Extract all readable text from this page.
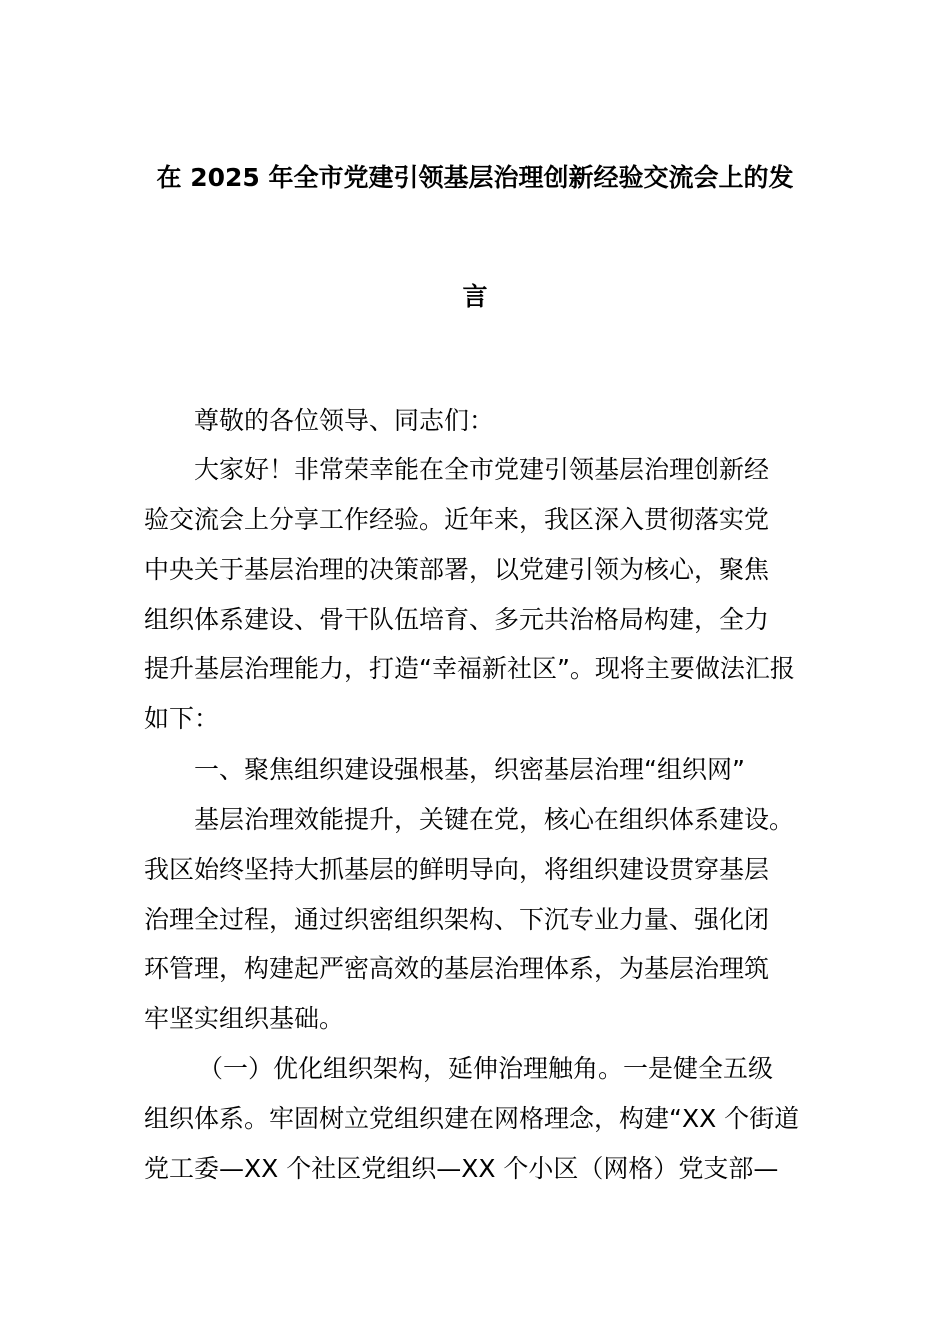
在 2025 年全市党建引领基层治理创新经验交流会上的发
言
尊敬的各位领导、同志们：
大家好！非常荣幸能在全市党建引领基层治理创新经
验交流会上分享工作经验。近年来，我区深入贯彻落实党
中央关于基层治理的决策部署，以党建引领为核心，聚焦
组织体系建设、骨干队伍培育、多元共治格局构建，全力
提升基层治理能力，打造“幸福新社区”。现将主要做法汇报
如下：
一、聚焦组织建设强根基，织密基层治理“组织网”
基层治理效能提升，关键在党，核心在组织体系建设。
我区始终坚持大抓基层的鲜明导向，将组织建设贯穿基层
治理全过程，通过织密组织架构、下沉专业力量、强化闭
环管理，构建起严密高效的基层治理体系，为基层治理筑
牢坚实组织基础。
（一）优化组织架构，延伸治理触角。一是健全五级
组织体系。牢固树立党组织建在网格理念，构建“XX 个街道
党工委—XX 个社区党组织—XX 个小区（网格）党支部—
